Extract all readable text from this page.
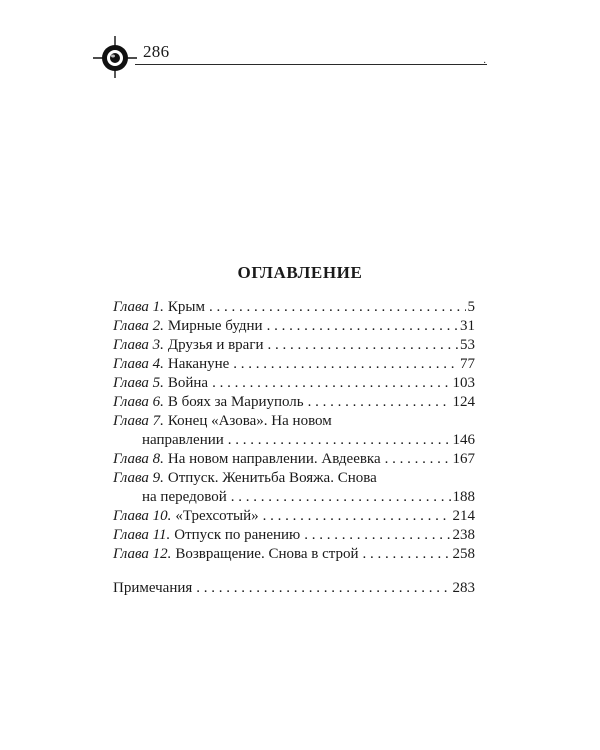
286
·
ОГЛАВЛЕНИЕ
Глава 1. Крым . . .	5
Глава 2. Мирные будни . . .	31
Глава 3. Друзья и враги . . .	53
Глава 4. Накануне . . .	77
Глава 5. Война . . .	103
Глава 6. В боях за Мариуполь . . .	124
Глава 7. Конец «Азова». На новом
направлении . . .	146
Глава 8. На новом направлении. Авдеевка . . .	167
Глава 9. Отпуск. Женитьба Вояжа. Снова
на передовой . . .	188
Глава 10. «Трехсотый» . . .	214
Глава 11. Отпуск по ранению . . .	238
Глава 12. Возвращение. Снова в строй . . .	258
Примечания . . .	283
